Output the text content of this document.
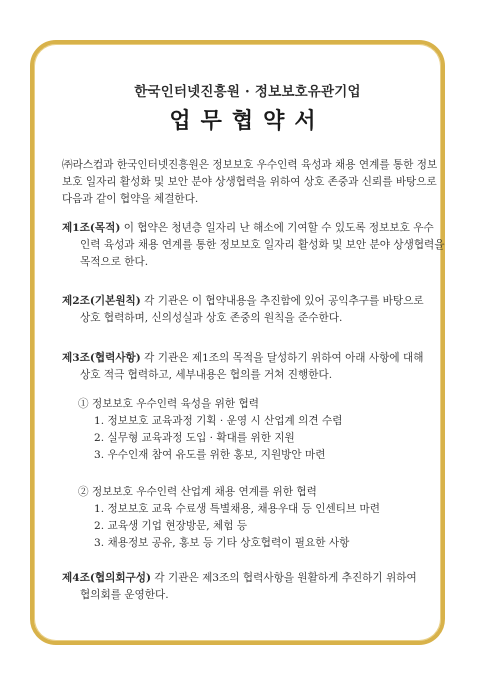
한국인터넷진흥원 · 정보보호유관기업
업무협약서
㈜라스컴과 한국인터넷진흥원은 정보보호 우수인력 육성과 채용 연계를 통한 정보
보호 일자리 활성화 및 보안 분야 상생협력을 위하여 상호 존중과 신뢰를 바탕으로
다음과 같이 협약을 체결한다.
제1조(목적) 이 협약은 청년층 일자리 난 해소에 기여할 수 있도록 정보보호 우수
인력 육성과 채용 연계를 통한 정보보호 일자리 활성화 및 보안 분야 상생협력을
목적으로 한다.
제2조(기본원칙) 각 기관은 이 협약내용을 추진함에 있어 공익추구를 바탕으로
상호 협력하며, 신의성실과 상호 존중의 원칙을 준수한다.
제3조(협력사항) 각 기관은 제1조의 목적을 달성하기 위하여 아래 사항에 대해
상호 적극 협력하고, 세부내용은 협의를 거쳐 진행한다.
① 정보보호 우수인력 육성을 위한 협력
1. 정보보호 교육과정 기획 · 운영 시 산업계 의견 수렴
2. 실무형 교육과정 도입 · 확대를 위한 지원
3. 우수인재 참여 유도를 위한 홍보, 지원방안 마련
② 정보보호 우수인력 산업계 채용 연계를 위한 협력
1. 정보보호 교육 수료생 특별채용, 채용우대 등 인센티브 마련
2. 교육생 기업 현장방문, 체험 등
3. 채용정보 공유, 홍보 등 기타 상호협력이 필요한 사항
제4조(협의회구성) 각 기관은 제3조의 협력사항을 원활하게 추진하기 위하여
협의회를 운영한다.
